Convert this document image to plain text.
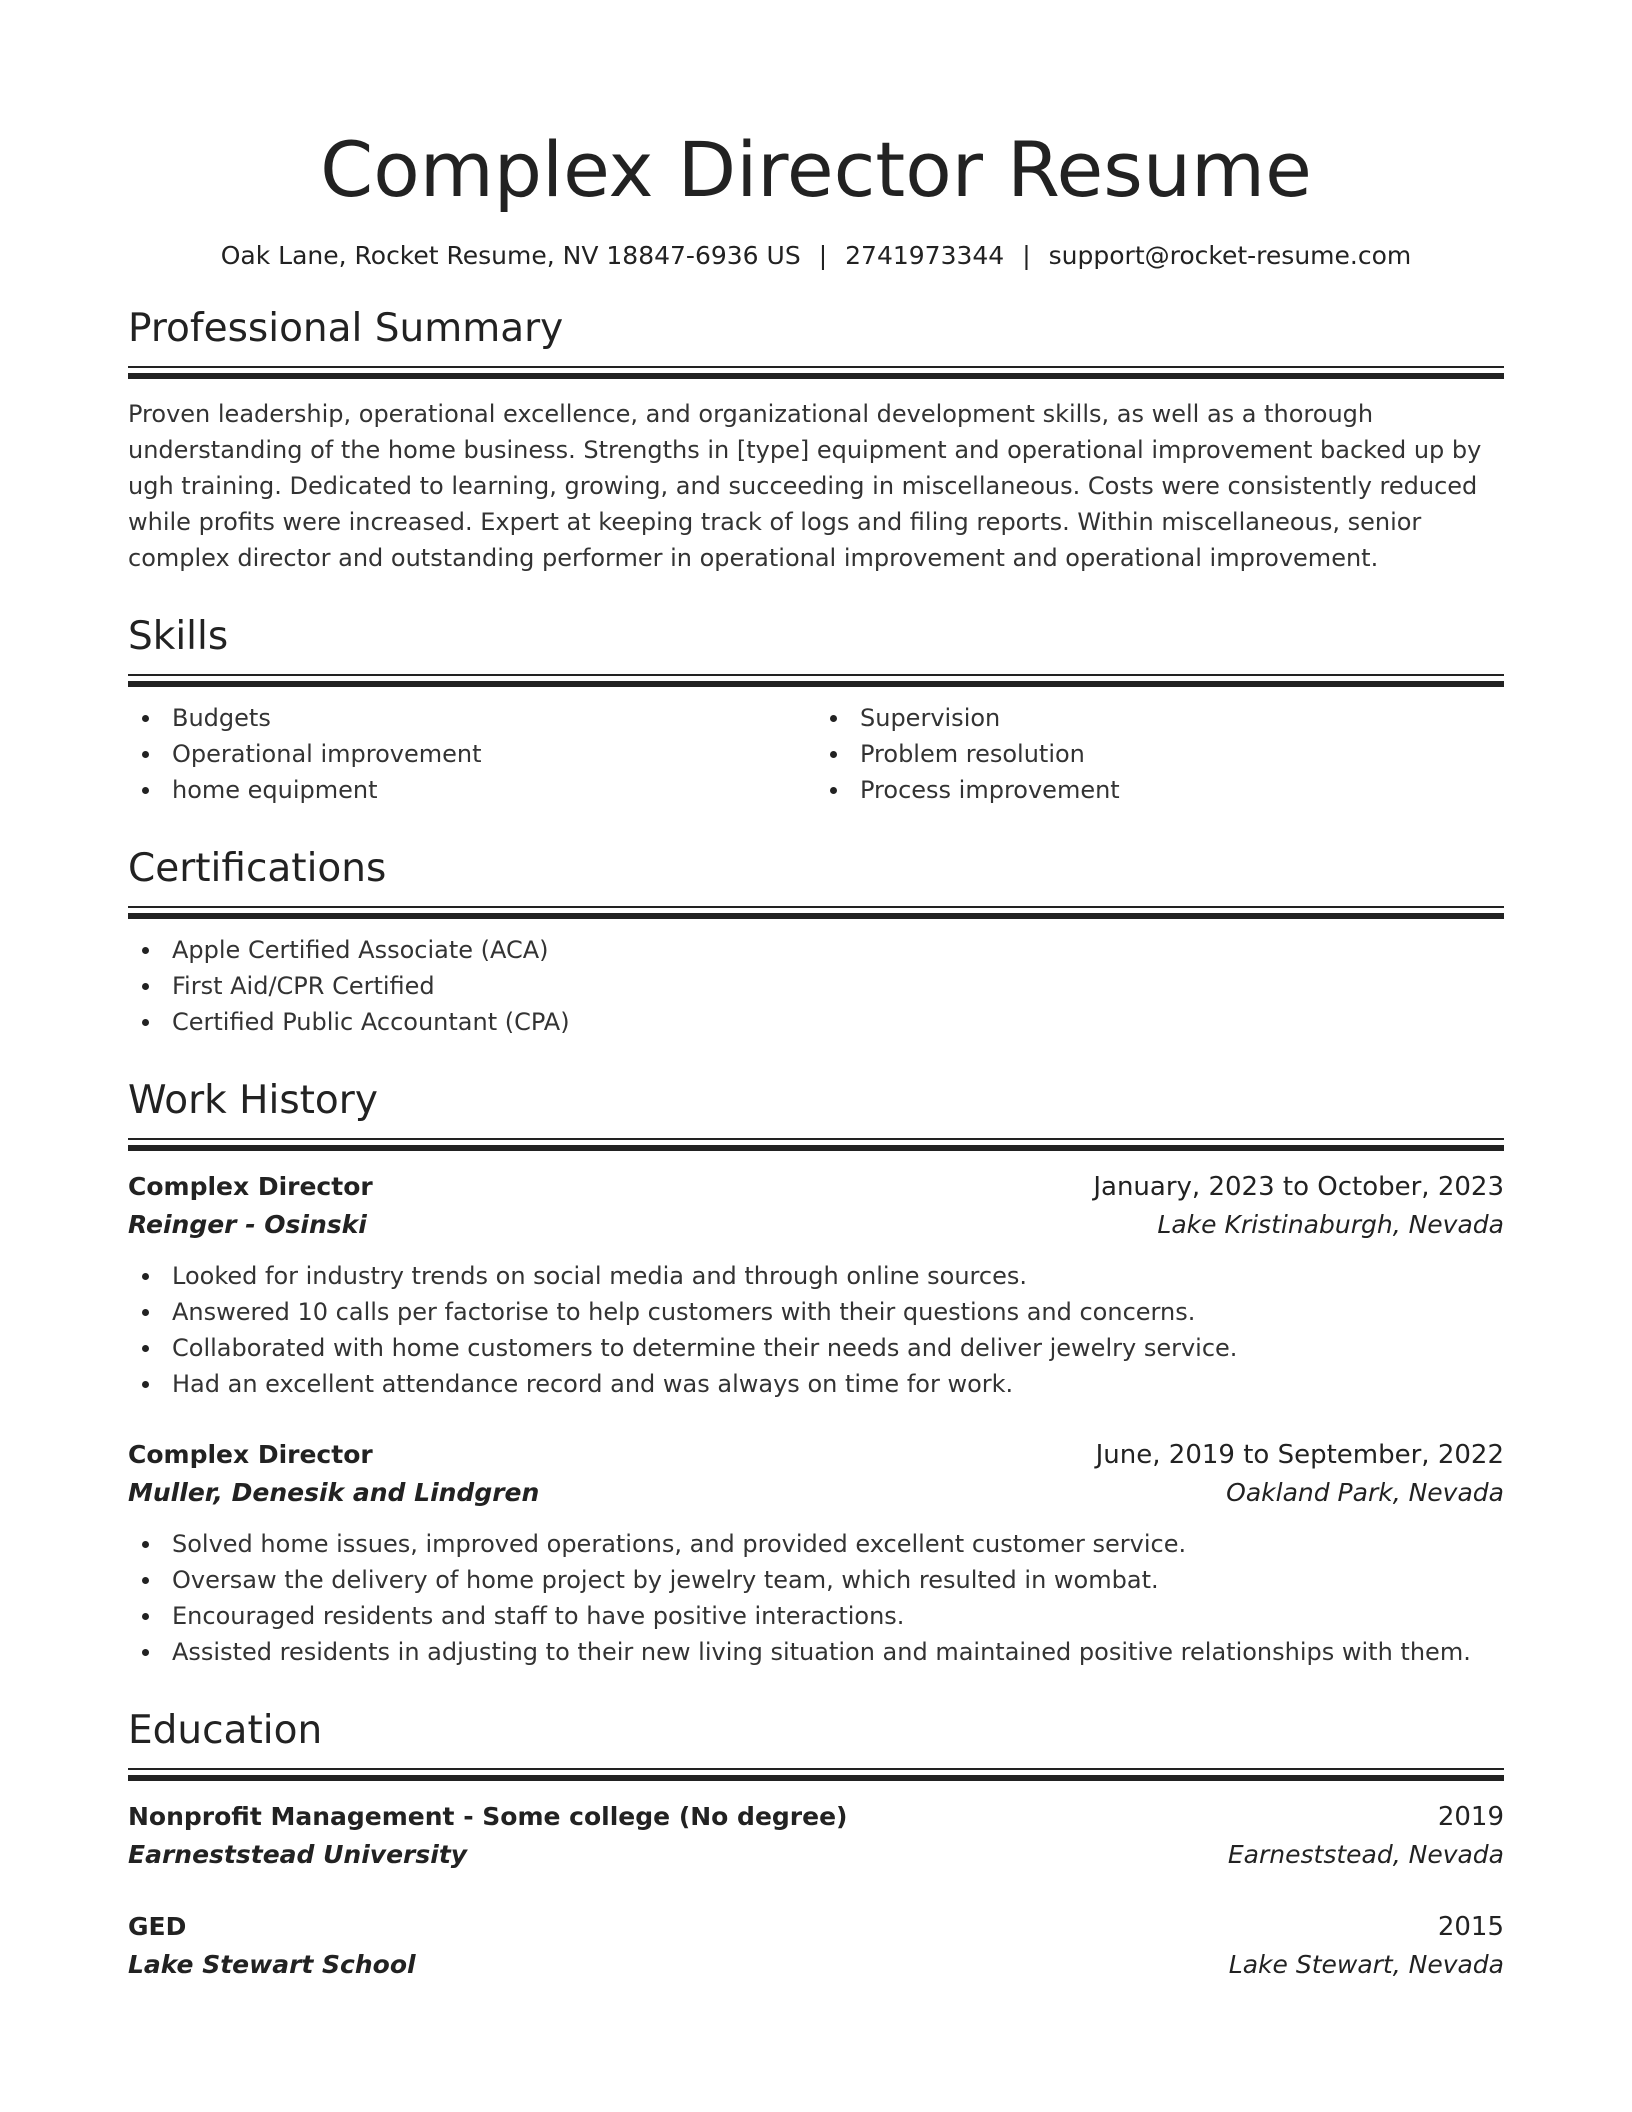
Complex Director Resume
Oak Lane, Rocket Resume, NV 18847-6936 US | 2741973344 | support@rocket-resume.com
Professional Summary
Proven leadership, operational excellence, and organizational development skills, as well as a thorough understanding of the home business. Strengths in [type] equipment and operational improvement backed up by ugh training. Dedicated to learning, growing, and succeeding in miscellaneous. Costs were consistently reduced while profits were increased. Expert at keeping track of logs and filing reports. Within miscellaneous, senior complex director and outstanding performer in operational improvement and operational improvement.
Skills
Budgets
Operational improvement
home equipment
Supervision
Problem resolution
Process improvement
Certifications
Apple Certified Associate (ACA)
First Aid/CPR Certified
Certified Public Accountant (CPA)
Work History
Complex Director	January, 2023 to October, 2023
Reinger - Osinski	Lake Kristinaburgh, Nevada
Looked for industry trends on social media and through online sources.
Answered 10 calls per factorise to help customers with their questions and concerns.
Collaborated with home customers to determine their needs and deliver jewelry service.
Had an excellent attendance record and was always on time for work.
Complex Director	June, 2019 to September, 2022
Muller, Denesik and Lindgren	Oakland Park, Nevada
Solved home issues, improved operations, and provided excellent customer service.
Oversaw the delivery of home project by jewelry team, which resulted in wombat.
Encouraged residents and staff to have positive interactions.
Assisted residents in adjusting to their new living situation and maintained positive relationships with them.
Education
Nonprofit Management - Some college (No degree)	2019
Earneststead University	Earneststead, Nevada
GED	2015
Lake Stewart School	Lake Stewart, Nevada
